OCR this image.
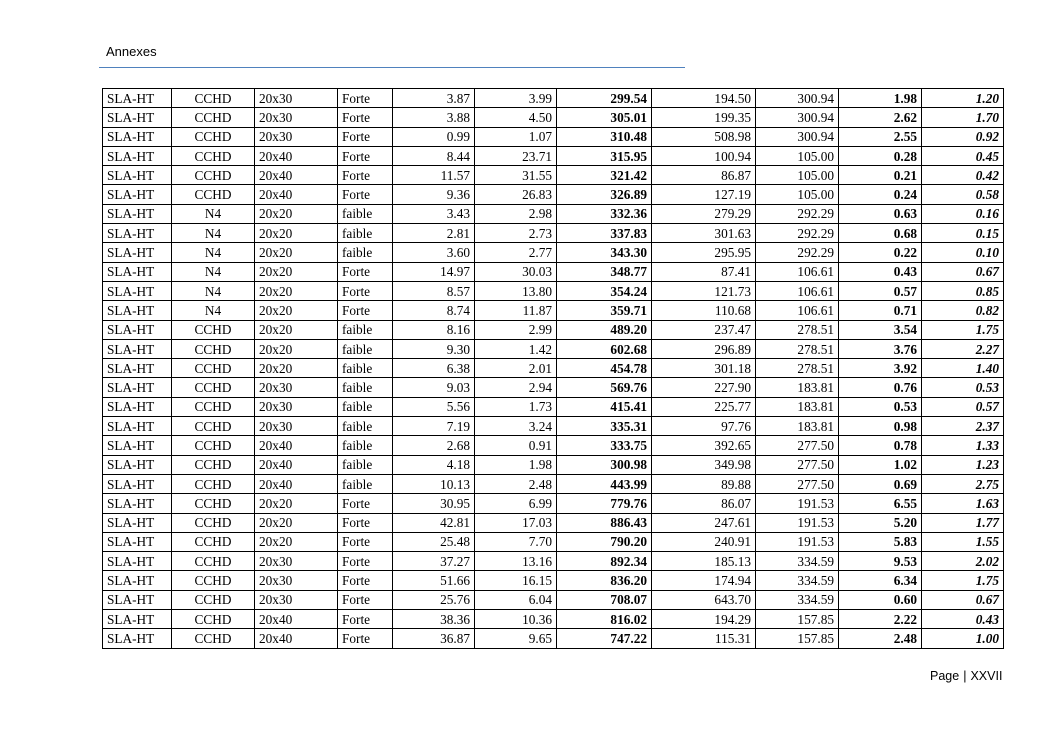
Annexes
SLA-HT	CCHD	20x30	Forte	3.87	3.99	299.54	194.50	300.94	1.98	1.20
SLA-HT	CCHD	20x30	Forte	3.88	4.50	305.01	199.35	300.94	2.62	1.70
SLA-HT	CCHD	20x30	Forte	0.99	1.07	310.48	508.98	300.94	2.55	0.92
SLA-HT	CCHD	20x40	Forte	8.44	23.71	315.95	100.94	105.00	0.28	0.45
SLA-HT	CCHD	20x40	Forte	11.57	31.55	321.42	86.87	105.00	0.21	0.42
SLA-HT	CCHD	20x40	Forte	9.36	26.83	326.89	127.19	105.00	0.24	0.58
SLA-HT	N4	20x20	faible	3.43	2.98	332.36	279.29	292.29	0.63	0.16
SLA-HT	N4	20x20	faible	2.81	2.73	337.83	301.63	292.29	0.68	0.15
SLA-HT	N4	20x20	faible	3.60	2.77	343.30	295.95	292.29	0.22	0.10
SLA-HT	N4	20x20	Forte	14.97	30.03	348.77	87.41	106.61	0.43	0.67
SLA-HT	N4	20x20	Forte	8.57	13.80	354.24	121.73	106.61	0.57	0.85
SLA-HT	N4	20x20	Forte	8.74	11.87	359.71	110.68	106.61	0.71	0.82
SLA-HT	CCHD	20x20	faible	8.16	2.99	489.20	237.47	278.51	3.54	1.75
SLA-HT	CCHD	20x20	faible	9.30	1.42	602.68	296.89	278.51	3.76	2.27
SLA-HT	CCHD	20x20	faible	6.38	2.01	454.78	301.18	278.51	3.92	1.40
SLA-HT	CCHD	20x30	faible	9.03	2.94	569.76	227.90	183.81	0.76	0.53
SLA-HT	CCHD	20x30	faible	5.56	1.73	415.41	225.77	183.81	0.53	0.57
SLA-HT	CCHD	20x30	faible	7.19	3.24	335.31	97.76	183.81	0.98	2.37
SLA-HT	CCHD	20x40	faible	2.68	0.91	333.75	392.65	277.50	0.78	1.33
SLA-HT	CCHD	20x40	faible	4.18	1.98	300.98	349.98	277.50	1.02	1.23
SLA-HT	CCHD	20x40	faible	10.13	2.48	443.99	89.88	277.50	0.69	2.75
SLA-HT	CCHD	20x20	Forte	30.95	6.99	779.76	86.07	191.53	6.55	1.63
SLA-HT	CCHD	20x20	Forte	42.81	17.03	886.43	247.61	191.53	5.20	1.77
SLA-HT	CCHD	20x20	Forte	25.48	7.70	790.20	240.91	191.53	5.83	1.55
SLA-HT	CCHD	20x30	Forte	37.27	13.16	892.34	185.13	334.59	9.53	2.02
SLA-HT	CCHD	20x30	Forte	51.66	16.15	836.20	174.94	334.59	6.34	1.75
SLA-HT	CCHD	20x30	Forte	25.76	6.04	708.07	643.70	334.59	0.60	0.67
SLA-HT	CCHD	20x40	Forte	38.36	10.36	816.02	194.29	157.85	2.22	0.43
SLA-HT	CCHD	20x40	Forte	36.87	9.65	747.22	115.31	157.85	2.48	1.00
Page | XXVII
